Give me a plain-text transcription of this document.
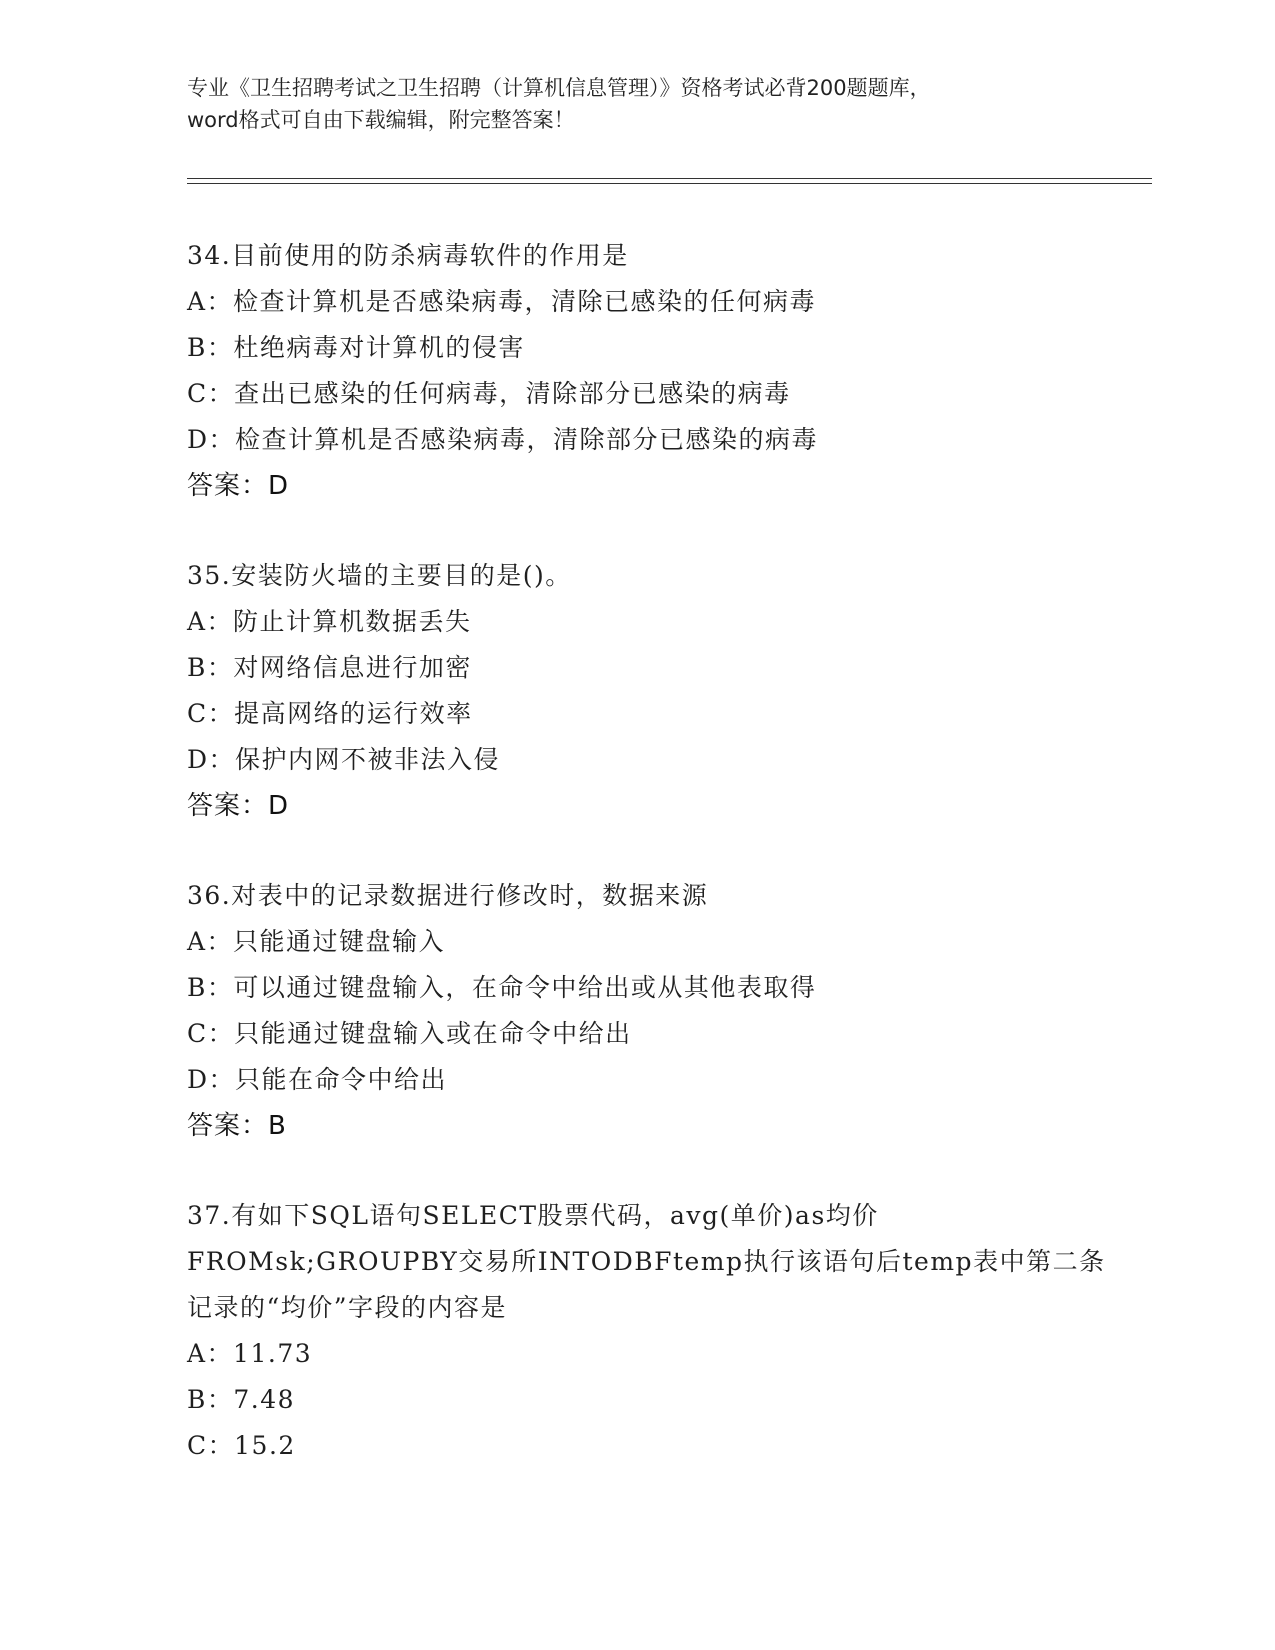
专业《卫生招聘考试之卫生招聘（计算机信息管理）》资格考试必背200题题库，
word格式可自由下载编辑，附完整答案！
34.目前使用的防杀病毒软件的作用是
A：检查计算机是否感染病毒，清除已感染的任何病毒
B：杜绝病毒对计算机的侵害
C：查出已感染的任何病毒，清除部分已感染的病毒
D：检查计算机是否感染病毒，清除部分已感染的病毒
答案：D
35.安装防火墙的主要目的是()。
A：防止计算机数据丢失
B：对网络信息进行加密
C：提高网络的运行效率
D：保护内网不被非法入侵
答案：D
36.对表中的记录数据进行修改时，数据来源
A：只能通过键盘输入
B：可以通过键盘输入，在命令中给出或从其他表取得
C：只能通过键盘输入或在命令中给出
D：只能在命令中给出
答案：B
37.有如下SQL语句SELECT股票代码，avg(单价)as均价FROMsk;GROUPBY交易所INTODBFtemp执行该语句后temp表中第二条记录的“均价”字段的内容是
A：11.73
B：7.48
C：15.2
